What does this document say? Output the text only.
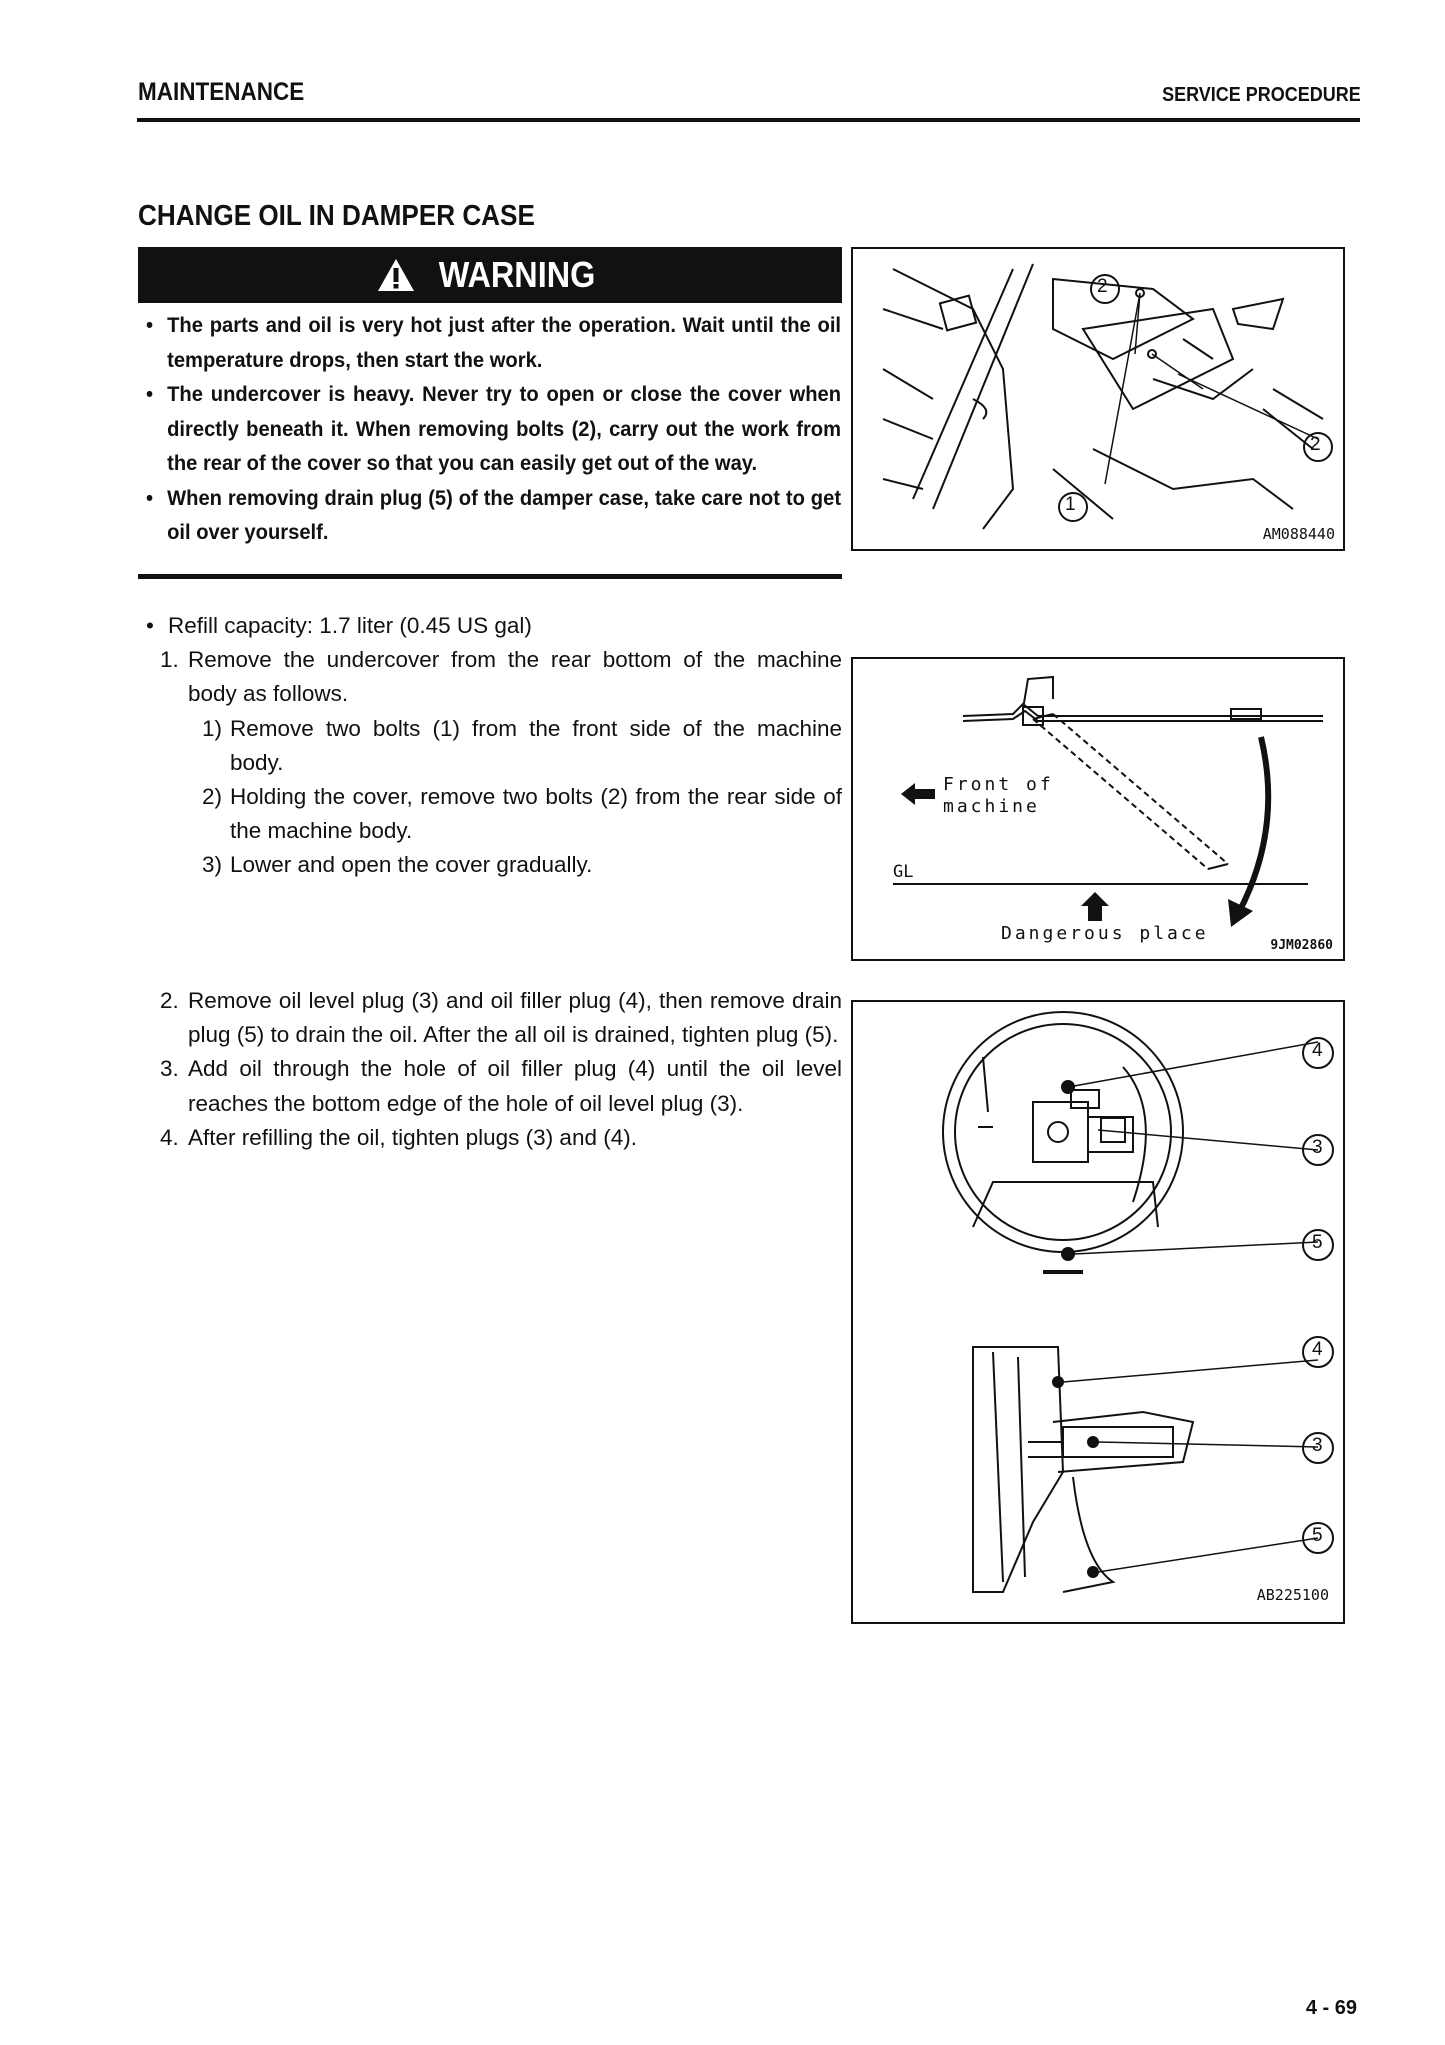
MAINTENANCE	SERVICE PROCEDURE
CHANGE OIL IN DAMPER CASE
WARNING
• The parts and oil is very hot just after the operation. Wait until the oil temperature drops, then start the work.
• The undercover is heavy. Never try to open or close the cover when directly beneath it. When removing bolts (2), carry out the work from the rear of the cover so that you can easily get out of the way.
• When removing drain plug (5) of the damper case, take care not to get oil over yourself.
• Refill capacity: 1.7 liter (0.45 US gal)
1. Remove the undercover from the rear bottom of the machine body as follows.
1) Remove two bolts (1) from the front side of the machine body.
2) Holding the cover, remove two bolts (2) from the rear side of the machine body.
3) Lower and open the cover gradually.
2. Remove oil level plug (3) and oil filler plug (4), then remove drain plug (5) to drain the oil. After the all oil is drained, tighten plug (5).
3. Add oil through the hole of oil filler plug (4) until the oil level reaches the bottom edge of the hole of oil level plug (3).
4. After refilling the oil, tighten plugs (3) and (4).
2
2
1
AM088440
Front of
machine
GL
Dangerous place
9JM02860
4
3
5
4
3
5
AB225100
4 - 69
